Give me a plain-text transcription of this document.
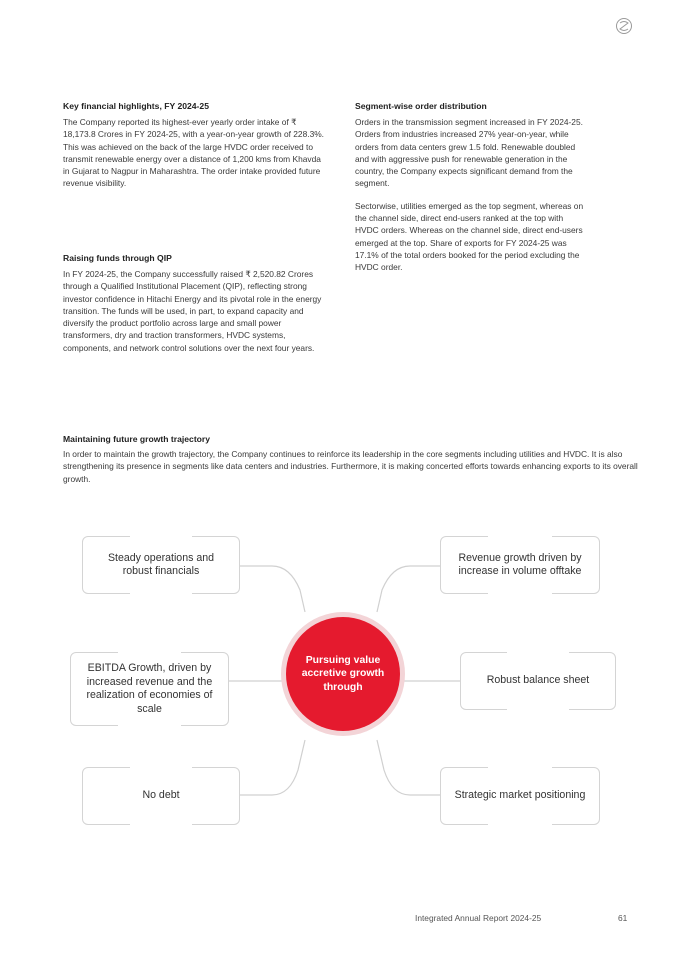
Key financial highlights, FY 2024-25

The Company reported its highest-ever yearly order intake of ₹ 18,173.8 Crores in FY 2024-25, with a year-on-year growth of 228.3%. This was achieved on the back of the large HVDC order received to transmit renewable energy over a distance of 1,200 kms from Khavda in Gujarat to Nagpur in Maharashtra. The order intake provided future revenue visibility.

Raising funds through QIP

In FY 2024-25, the Company successfully raised ₹ 2,520.82 Crores through a Qualified Institutional Placement (QIP), reflecting strong investor confidence in Hitachi Energy and its pivotal role in the energy transition. The funds will be used, in part, to expand capacity and diversify the product portfolio across large and small power transformers, dry and traction transformers, HVDC systems, components, and network control solutions over the next four years.

Segment-wise order distribution

Orders in the transmission segment increased in FY 2024-25. Orders from industries increased 27% year-on-year, while orders from data centers grew 1.5 fold. Renewable doubled and with aggressive push for renewable generation in the country, the Company expects significant demand from the segment.

Sectorwise, utilities emerged as the top segment, whereas on the channel side, direct end-users ranked at the top with HVDC orders. Whereas on the channel side, direct end-users emerged at the top. Share of exports for FY 2024-25 was 17.1% of the total orders booked for the period excluding the HVDC order.

Maintaining future growth trajectory

In order to maintain the growth trajectory, the Company continues to reinforce its leadership in the core segments including utilities and HVDC. It is also strengthening its presence in segments like data centers and industries. Furthermore, it is making concerted efforts towards enhancing exports to its overall growth.

Steady operations and robust financials
EBITDA Growth, driven by increased revenue and the realization of economies of scale
No debt
Revenue growth driven by increase in volume offtake
Robust balance sheet
Strategic market positioning
Pursuing value accretive growth through
Integrated Annual Report 2024-25	61
